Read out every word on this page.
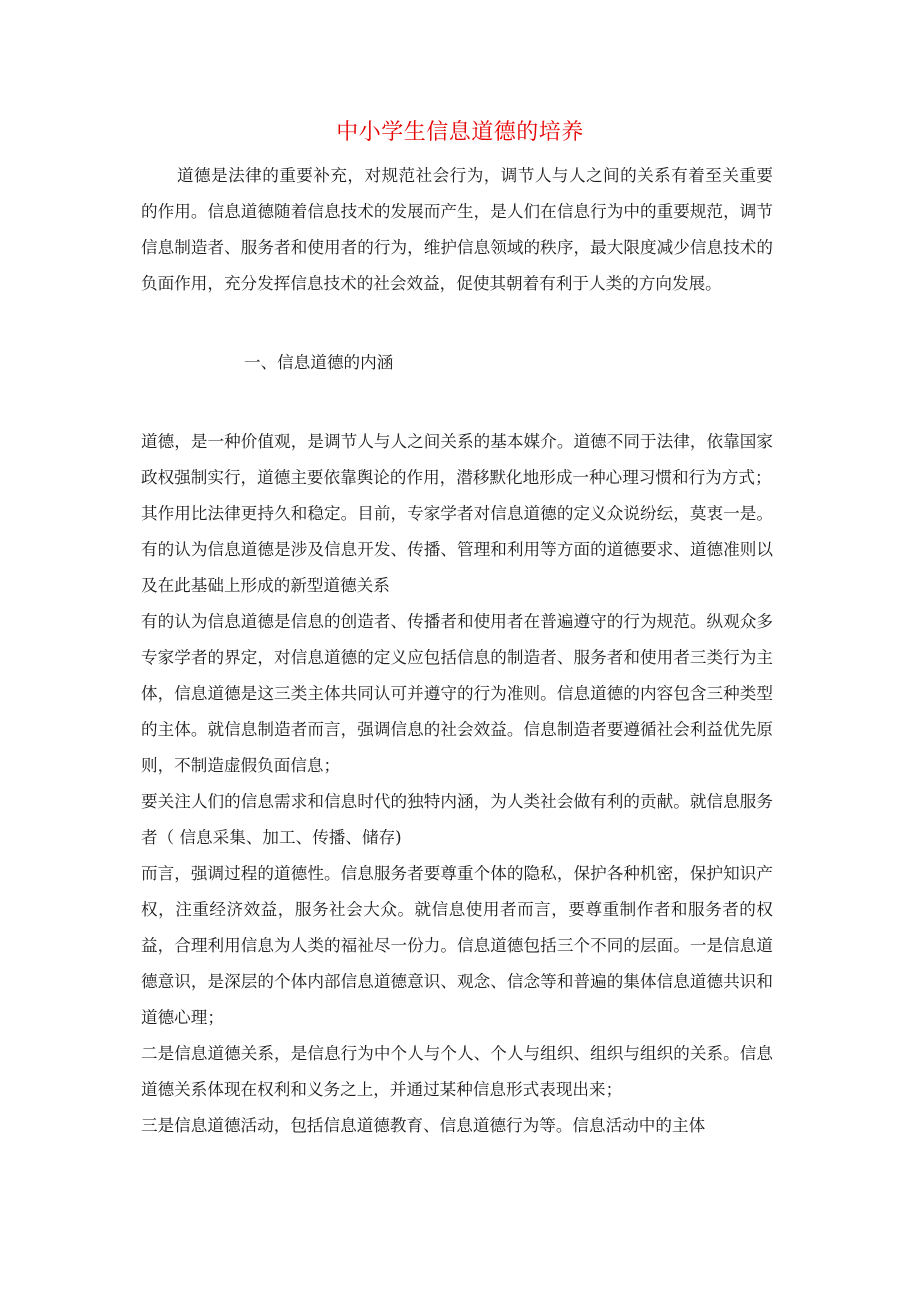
中小学生信息道德的培养
道德是法律的重要补充，对规范社会行为，调节人与人之间的关系有着至关重要的作用。信息道德随着信息技术的发展而产生，是人们在信息行为中的重要规范，调节信息制造者、服务者和使用者的行为，维护信息领域的秩序，最大限度减少信息技术的负面作用，充分发挥信息技术的社会效益，促使其朝着有利于人类的方向发展。
一、信息道德的内涵

道德，是一种价值观，是调节人与人之间关系的基本媒介。道德不同于法律，依靠国家政权强制实行，道德主要依靠舆论的作用，潜移默化地形成一种心理习惯和行为方式；

其作用比法律更持久和稳定。目前，专家学者对信息道德的定义众说纷纭，莫衷一是。有的认为信息道德是涉及信息开发、传播、管理和利用等方面的道德要求、道德准则以及在此基础上形成的新型道德关系

有的认为信息道德是信息的创造者、传播者和使用者在普遍遵守的行为规范。纵观众多专家学者的界定，对信息道德的定义应包括信息的制造者、服务者和使用者三类行为主体，信息道德是这三类主体共同认可并遵守的行为准则。信息道德的内容包含三种类型的主体。就信息制造者而言，强调信息的社会效益。信息制造者要遵循社会利益优先原则，不制造虚假负面信息；

要关注人们的信息需求和信息时代的独特内涵，为人类社会做有利的贡献。就信息服务者（ 信息采集、加工、传播、储存)

而言，强调过程的道德性。信息服务者要尊重个体的隐私，保护各种机密，保护知识产权，注重经济效益，服务社会大众。就信息使用者而言，要尊重制作者和服务者的权益，合理利用信息为人类的福祉尽一份力。信息道德包括三个不同的层面。一是信息道德意识，是深层的个体内部信息道德意识、观念、信念等和普遍的集体信息道德共识和道德心理；

二是信息道德关系，是信息行为中个人与个人、个人与组织、组织与组织的关系。信息道德关系体现在权利和义务之上，并通过某种信息形式表现出来；

三是信息道德活动，包括信息道德教育、信息道德行为等。信息活动中的主体
